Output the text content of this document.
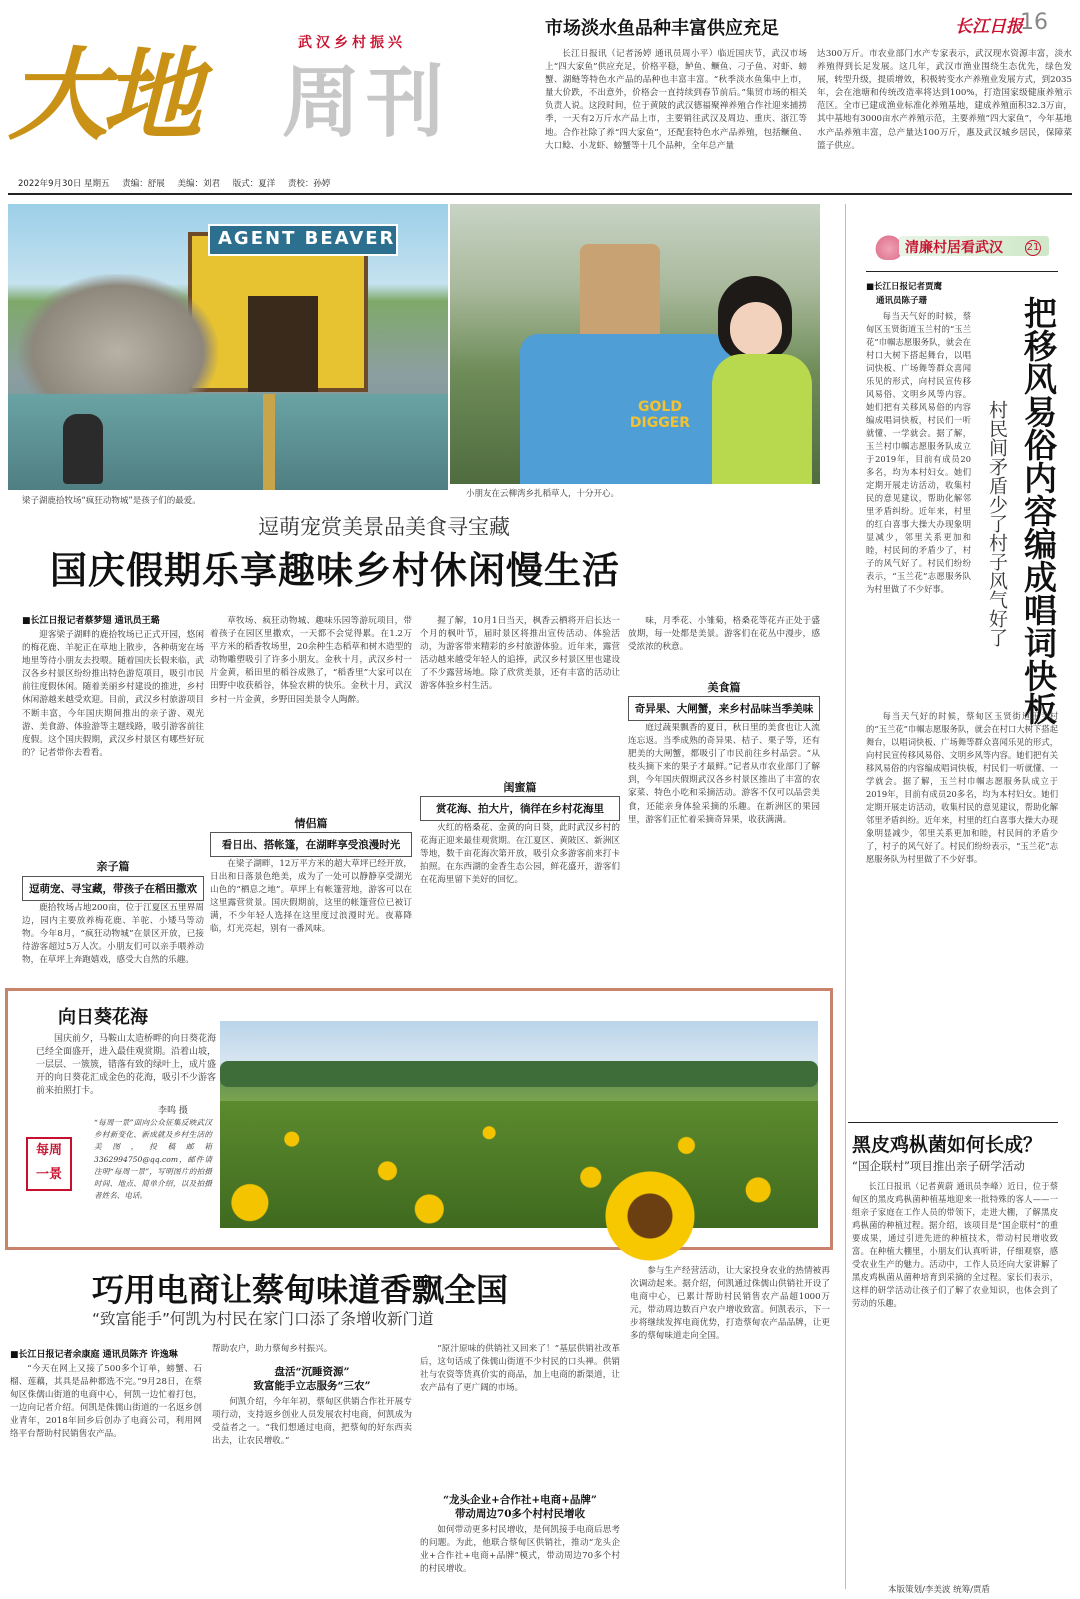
武汉乡村振兴
大地 周刊
2022年9月30日 星期五 责编：舒展 美编：刘君 版式：夏洋 责校：孙婷
长江日报
16
市场淡水鱼品种丰富供应充足
长江日报讯（记者汤婷 通讯员周小平）临近国庆节，武汉市场上“四大家鱼”供应充足，价格平稳，鲈鱼、鳜鱼、刁子鱼、对虾、螃蟹、湖鲢等特色水产品的品种也丰富丰富。“秋季淡水鱼集中上市，量大价跌，不出意外，价格会一直持续到春节前后。”集贸市场的相关负责人说。这段时间，位于黄陂的武汉德福聚禅养殖合作社迎来捕捞季，一天有2万斤水产品上市，主要销往武汉及周边、重庆、浙江等地。合作社除了养“四大家鱼”，还配套特色水产品养殖，包括鳜鱼、大口鲶、小龙虾、螃蟹等十几个品种，全年总产量
达300万斤。市农业部门水产专家表示，武汉现水资源丰富，淡水养殖得到长足发展。这几年，武汉市渔业围绕生态优先，绿色发展，转型升级，提质增效，积极转变水产养殖业发展方式，到2035年，会在池塘和传统改造率将达到100%，打造国家级健康养殖示范区。全市已建成渔业标准化养殖基地，建成养殖面积32.3万亩，其中基地有3000亩水产养殖示范，主要养殖“四大家鱼”，今年基地水产品养殖丰富，总产量达100万斤，惠及武汉城乡居民，保障菜篮子供应。
AGENT BEAVER
梁子湖鹿拾牧场“疯狂动物城”是孩子们的最爱。
GOLD DIGGER
小朋友在云柳湾乡扎稻草人，十分开心。
逗萌宠赏美景品美食寻宝藏
国庆假期乐享趣味乡村休闲慢生活
■长江日报记者蔡梦翅 通讯员王璐
迎客梁子湖畔的鹿拾牧场已正式开园，悠闲的梅花鹿、羊驼正在草地上散步，各种萌宠在场地里等待小朋友去投喂。随着国庆长假来临，武汉各乡村景区纷纷推出特色游览项目，吸引市民前往度假休闲。随着美丽乡村建设的推进，乡村休闲游越来越受欢迎。目前，武汉乡村旅游项目不断丰富，今年国庆期间推出的亲子游、观光游、美食游、体验游等主题线路，吸引游客前往度假。这个国庆假期，武汉乡村景区有哪些好玩的？记者带你去看看。
亲子篇
逗萌宠、寻宝藏，带孩子在稻田撒欢
鹿拾牧场占地200亩，位于江夏区五里界周边，园内主要放养梅花鹿、羊驼、小矮马等动物。今年8月，“疯狂动物城”在景区开放，已接待游客超过5万人次。小朋友们可以亲手喂养动物，在草坪上奔跑嬉戏，感受大自然的乐趣。
草牧场、疯狂动物城、趣味乐园等游玩项目，带着孩子在园区里撒欢，一天都不会觉得累。在1.2万平方米的稻香牧场里，20余种生态稻草和树木造型的动物雕塑吸引了许多小朋友。金秋十月，武汉乡村一片金黄，稻田里的稻谷成熟了，“稻香里”大家可以在田野中收获稻谷，体验农耕的快乐。金秋十月，武汉乡村一片金黄，乡野田园美景令人陶醉。
情侣篇
看日出、搭帐篷，在湖畔享受浪漫时光
在梁子湖畔，12万平方米的超大草坪已经开放，日出和日落景色绝美，成为了一处可以静静享受湖光山色的“栖息之地”。草坪上有帐篷营地，游客可以在这里露营赏景。国庆假期前，这里的帐篷营位已被订满，不少年轻人选择在这里度过浪漫时光。夜幕降临，灯光亮起，别有一番风味。
握了解，10月1日当天，枫香云栖将开启长达一个月的枫叶节，届时景区将推出宣传活动、体验活动，为游客带来精彩的乡村旅游体验。近年来，露营活动越来越受年轻人的追捧，武汉乡村景区里也建设了不少露营场地。除了欣赏美景，还有丰富的活动让游客体验乡村生活。
闺蜜篇
赏花海、拍大片，徜徉在乡村花海里
火红的格桑花、金黄的向日葵，此时武汉乡村的花海正迎来最佳观赏期。在江夏区、黄陂区、新洲区等地，数千亩花海次第开放，吸引众多游客前来打卡拍照。在东西湖的金香生态公园，鲜花盛开，游客们在花海里留下美好的回忆。
味，月季花、小雏菊，格桑花等花卉正处于盛放期，每一处都是美景。游客们在花丛中漫步，感受浓浓的秋意。
美食篇
奇异果、大闸蟹，来乡村品味当季美味
庭过蔬果飘香的夏日，秋日里的美食也让人流连忘返。当季成熟的奇异果、桔子、栗子等，还有肥美的大闸蟹，都吸引了市民前往乡村品尝。“从枝头摘下来的果子才最鲜。”记者从市农业部门了解到，今年国庆假期武汉各乡村景区推出了丰富的农家菜、特色小吃和采摘活动。游客不仅可以品尝美食，还能亲身体验采摘的乐趣。在新洲区的果园里，游客们正忙着采摘奇异果，收获满满。
向日葵花海
国庆前夕，马鞍山太造桥畔的向日葵花海已经全面盛开，进入最佳观赏期。沿着山坡，一层层、一簇簇，错落有致的绿叶上，成片盛开的向日葵花汇成金色的花海，吸引不少游客前来拍照打卡。
李鸣 摄
每周
一景
“每周一景”面向公众征集反映武汉乡村新变化、新成就及乡村生活的美图，投稿邮箱3362994750@qq.com，邮件请注明“每周一景”，写明图片的拍摄时间、地点、简单介绍，以及拍摄者姓名、电话。
巧用电商让蔡甸味道香飘全国
“致富能手”何凯为村民在家门口添了条增收新门道
■长江日报记者余康庭 通讯员陈齐 许逸琳
“今天在网上又接了500多个订单，螃蟹、石榴、莲藕，其具是品种都选不完。”9月28日，在蔡甸区侏儒山街道的电商中心，何凯一边忙着打包，一边向记者介绍。何凯是侏儒山街道的一名返乡创业青年，2018年回乡后创办了电商公司，利用网络平台帮助村民销售农产品。
帮助农户，助力蔡甸乡村振兴。
盘活“沉睡资源”
致富能手立志服务“三农”
何凯介绍，今年年初，蔡甸区供销合作社开展专项行动，支持返乡创业人员发展农村电商，何凯成为受益者之一。“我们想通过电商，把蔡甸的好东西卖出去，让农民增收。”
“原汁原味的供销社又回来了！”基层供销社改革后，这句话成了侏儒山街道不少村民的口头禅。供销社与农资等货真价实的商品，加上电商的新渠道，让农产品有了更广阔的市场。
“龙头企业+合作社+电商+品牌”
带动周边70多个村村民增收
如何带动更多村民增收，是何凯接手电商后思考的问题。为此，他联合蔡甸区供销社，推动“龙头企业+合作社+电商+品牌”模式，带动周边70多个村的村民增收。
参与生产经营活动，让大家投身农业的热情被再次调动起来。据介绍，何凯通过侏儒山供销社开设了电商中心，已累计帮助村民销售农产品超1000万元，带动周边数百户农户增收致富。何凯表示，下一步将继续发挥电商优势，打造蔡甸农产品品牌，让更多的蔡甸味道走向全国。
清廉村居看武汉 21
■长江日报记者贾鹰
通讯员陈子珊	把移风易俗内容编成唱词快板
村民间矛盾少了村子风气好了
每当天气好的时候，蔡甸区玉贤街道玉兰村的“玉兰花”巾帼志愿服务队，就会在村口大树下搭起舞台，以唱词快板、广场舞等群众喜闻乐见的形式，向村民宣传移风易俗、文明乡风等内容。她们把有关移风易俗的内容编成唱词快板，村民们一听就懂、一学就会。据了解，玉兰村巾帼志愿服务队成立于2019年，目前有成员20多名，均为本村妇女。她们定期开展走访活动，收集村民的意见建议，帮助化解邻里矛盾纠纷。近年来，村里的红白喜事大操大办现象明显减少，邻里关系更加和睦，村民间的矛盾少了，村子的风气好了。村民们纷纷表示，“玉兰花”志愿服务队为村里做了不少好事。
每当天气好的时候，蔡甸区玉贤街道玉兰村的“玉兰花”巾帼志愿服务队，就会在村口大树下搭起舞台，以唱词快板、广场舞等群众喜闻乐见的形式，向村民宣传移风易俗、文明乡风等内容。她们把有关移风易俗的内容编成唱词快板，村民们一听就懂、一学就会。据了解，玉兰村巾帼志愿服务队成立于2019年，目前有成员20多名，均为本村妇女。她们定期开展走访活动，收集村民的意见建议，帮助化解邻里矛盾纠纷。近年来，村里的红白喜事大操大办现象明显减少，邻里关系更加和睦，村民间的矛盾少了，村子的风气好了。村民们纷纷表示，“玉兰花”志愿服务队为村里做了不少好事。
黑皮鸡枞菌如何长成？
“国企联村”项目推出亲子研学活动
长江日报讯（记者黄蔚 通讯员李峰）近日，位于蔡甸区的黑皮鸡枞菌种植基地迎来一批特殊的客人——一组亲子家庭在工作人员的带领下，走进大棚，了解黑皮鸡枞菌的种植过程。据介绍，该项目是“国企联村”的重要成果，通过引进先进的种植技术，带动村民增收致富。在种植大棚里，小朋友们认真听讲，仔细观察，感受农业生产的魅力。活动中，工作人员还向大家讲解了黑皮鸡枞菌从菌种培育到采摘的全过程。家长们表示，这样的研学活动让孩子们了解了农业知识，也体会到了劳动的乐趣。
本版策划/李美波 统筹/贾盾
